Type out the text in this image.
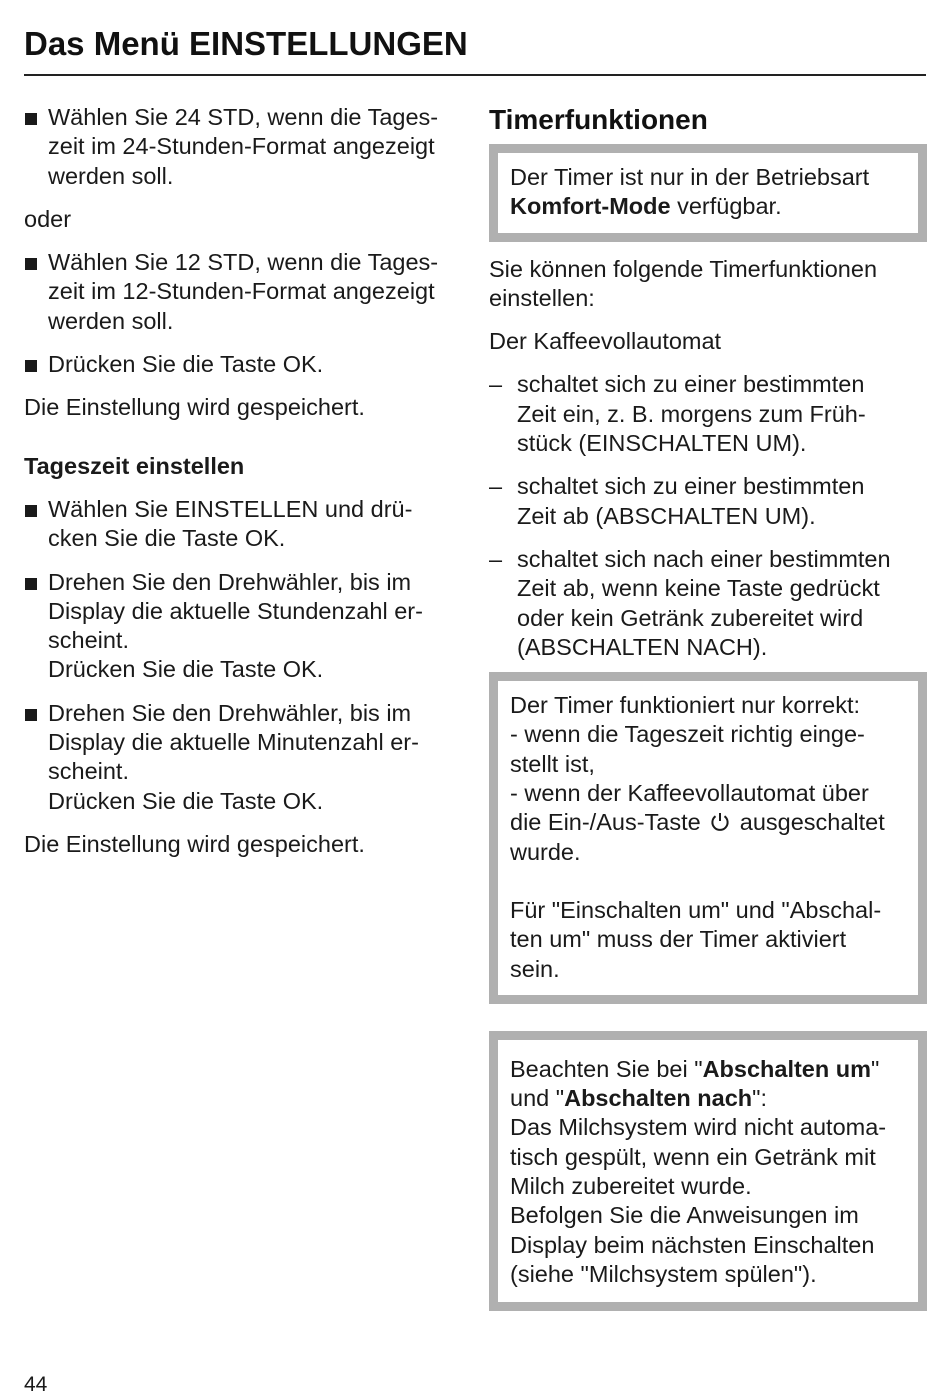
Das Menü EINSTELLUNGEN
Wählen Sie 24 STD, wenn die Tages-
zeit im 24-Stunden-Format angezeigt
werden soll.

oder

Wählen Sie 12 STD, wenn die Tages-
zeit im 12-Stunden-Format angezeigt
werden soll.
Drücken Sie die Taste OK.

Die Einstellung wird gespeichert.

Tageszeit einstellen

Wählen Sie EINSTELLEN und drü-
cken Sie die Taste OK.
Drehen Sie den Drehwähler, bis im
Display die aktuelle Stundenzahl er-
scheint.
Drücken Sie die Taste OK.
Drehen Sie den Drehwähler, bis im
Display die aktuelle Minutenzahl er-
scheint.
Drücken Sie die Taste OK.

Die Einstellung wird gespeichert.

Timerfunktionen
Der Timer ist nur in der Betriebsart
Komfort-Mode verfügbar.
Sie können folgende Timerfunktionen
einstellen:

Der Kaffeevollautomat

– schaltet sich zu einer bestimmten
Zeit ein, z. B. morgens zum Früh-
stück (EINSCHALTEN UM).
– schaltet sich zu einer bestimmten
Zeit ab (ABSCHALTEN UM).
– schaltet sich nach einer bestimmten
Zeit ab, wenn keine Taste gedrückt
oder kein Getränk zubereitet wird
(ABSCHALTEN NACH).
Der Timer funktioniert nur korrekt:
- wenn die Tageszeit richtig einge-
stellt ist,
- wenn der Kaffeevollautomat über
die Ein-/Aus-Taste  ausgeschaltet
wurde.
Für "Einschalten um" und "Abschal-
ten um" muss der Timer aktiviert
sein.
Beachten Sie bei "Abschalten um"
und "Abschalten nach":
Das Milchsystem wird nicht automa-
tisch gespült, wenn ein Getränk mit
Milch zubereitet wurde.
Befolgen Sie die Anweisungen im
Display beim nächsten Einschalten
(siehe "Milchsystem spülen").
44
